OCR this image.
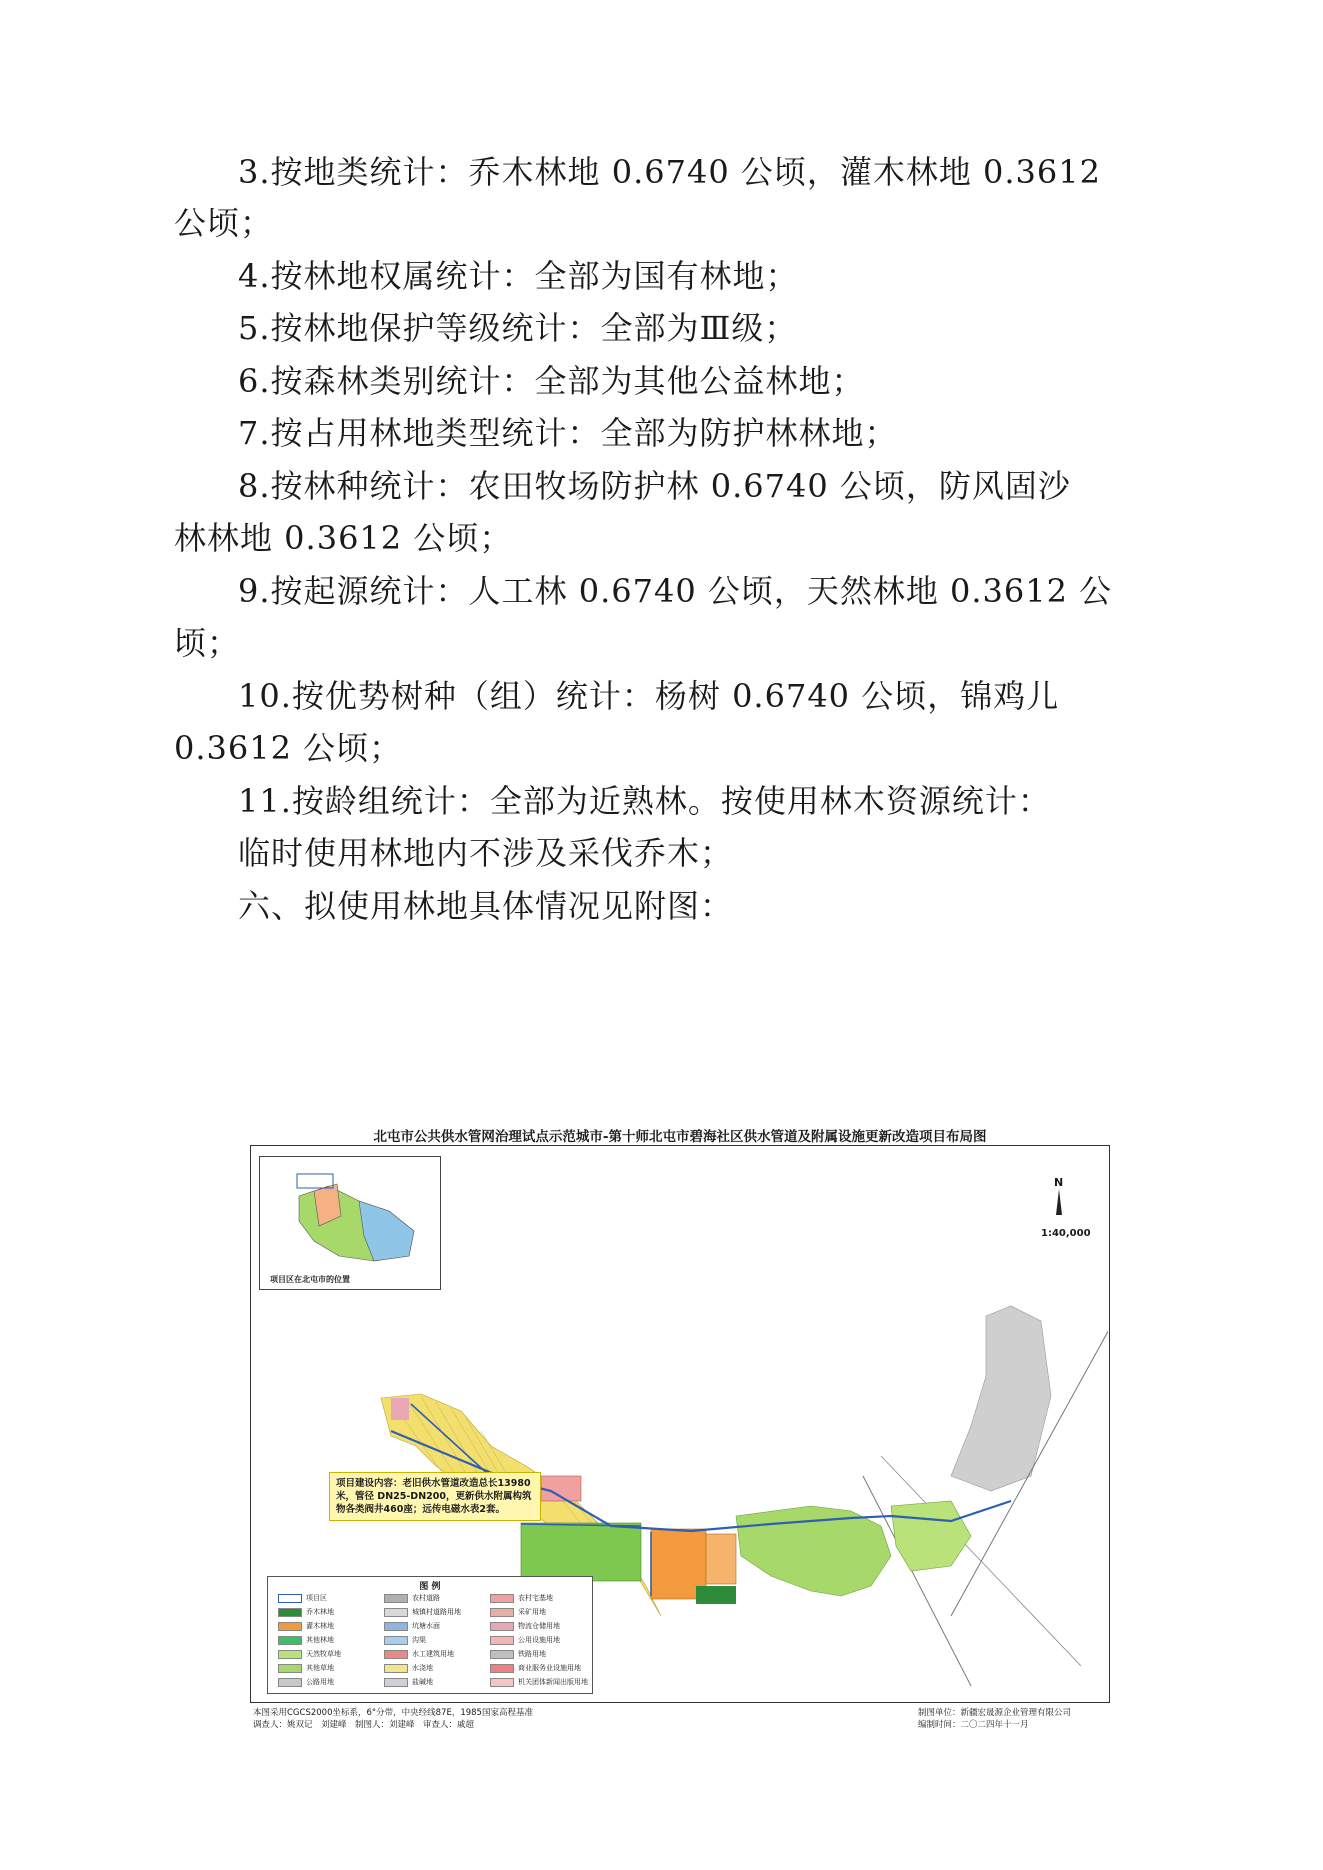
3.按地类统计：乔木林地 0.6740 公顷，灌木林地 0.3612
公顷；
4.按林地权属统计：全部为国有林地；
5.按林地保护等级统计：全部为Ⅲ级；
6.按森林类别统计：全部为其他公益林地；
7.按占用林地类型统计：全部为防护林林地；
8.按林种统计：农田牧场防护林 0.6740 公顷，防风固沙
林林地 0.3612 公顷；
9.按起源统计：人工林 0.6740 公顷，天然林地 0.3612 公
顷；
10.按优势树种（组）统计：杨树 0.6740 公顷，锦鸡儿
0.3612 公顷；
11.按龄组统计：全部为近熟林。按使用林木资源统计：
临时使用林地内不涉及采伐乔木；
六、拟使用林地具体情况见附图：
北屯市公共供水管网治理试点示范城市-第十师北屯市碧海社区供水管道及附属设施更新改造项目布局图
项目区在北屯市的位置
N
1:40,000
项目建设内容：老旧供水管道改造总长13980米，管径 DN25-DN200，更新供水附属构筑物各类阀井460座；远传电磁水表2套。
图 例
项目区
乔木林地
灌木林地
其他林地
天然牧草地
其他草地
公路用地
农村道路
城镇村道路用地
坑塘水面
沟渠
水工建筑用地
水浇地
盐碱地
农村宅基地
采矿用地
物流仓储用地
公用设施用地
铁路用地
商业服务业设施用地
机关团体新闻出版用地
本图采用CGCS2000坐标系，6°分带，中央经线87E，1985国家高程基准
调查人：姚双记　刘建峰　制图人：刘建峰　审查人：戚超
制图单位：新疆宏晟源企业管理有限公司
编制时间：二〇二四年十一月
